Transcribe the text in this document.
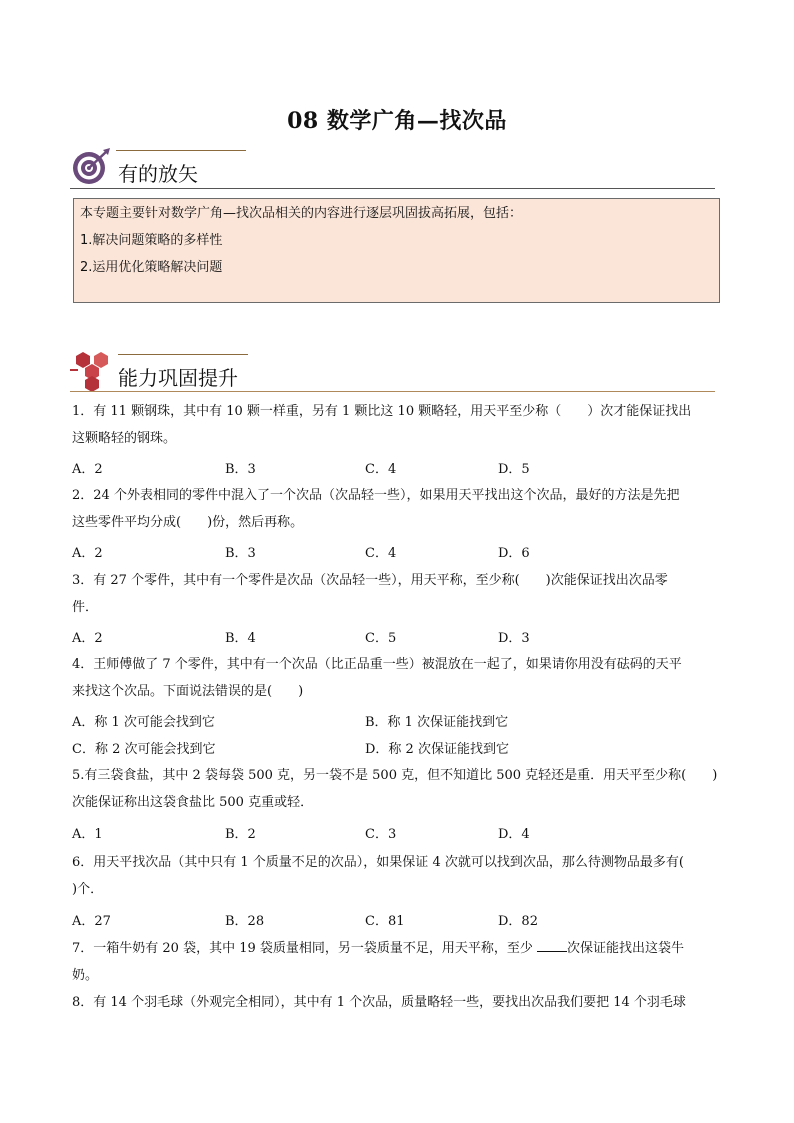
08 数学广角—找次品
有的放矢
本专题主要针对数学广角—找次品相关的内容进行逐层巩固拔高拓展，包括：
1.解决问题策略的多样性
2.运用优化策略解决问题
能力巩固提升
1．有 11 颗钢珠，其中有 10 颗一样重，另有 1 颗比这 10 颗略轻，用天平至少称（　　）次才能保证找出
这颗略轻的钢珠。
A．2	B．3	C．4	D．5
2．24 个外表相同的零件中混入了一个次品（次品轻一些），如果用天平找出这个次品，最好的方法是先把
这些零件平均分成(　　)份，然后再称。
A．2	B．3	C．4	D．6
3．有 27 个零件，其中有一个零件是次品（次品轻一些），用天平称，至少称(　　)次能保证找出次品零
件．
A．2	B．4	C．5	D．3
4．王师傅做了 7 个零件，其中有一个次品（比正品重一些）被混放在一起了，如果请你用没有砝码的天平
来找这个次品。下面说法错误的是(　　)
A．称 1 次可能会找到它	B．称 1 次保证能找到它
C．称 2 次可能会找到它	D．称 2 次保证能找到它
5.有三袋食盐，其中 2 袋每袋 500 克，另一袋不是 500 克，但不知道比 500 克轻还是重．用天平至少称(　　)
次能保证称出这袋食盐比 500 克重或轻．
A．1	B．2	C．3	D．4
6．用天平找次品（其中只有 1 个质量不足的次品），如果保证 4 次就可以找到次品，那么待测物品最多有(
)个．
A．27	B．28	C．81	D．82
7．一箱牛奶有 20 袋，其中 19 袋质量相同，另一袋质量不足，用天平称，至少 次保证能找出这袋牛
奶。
8．有 14 个羽毛球（外观完全相同），其中有 1 个次品，质量略轻一些，要找出次品我们要把 14 个羽毛球
